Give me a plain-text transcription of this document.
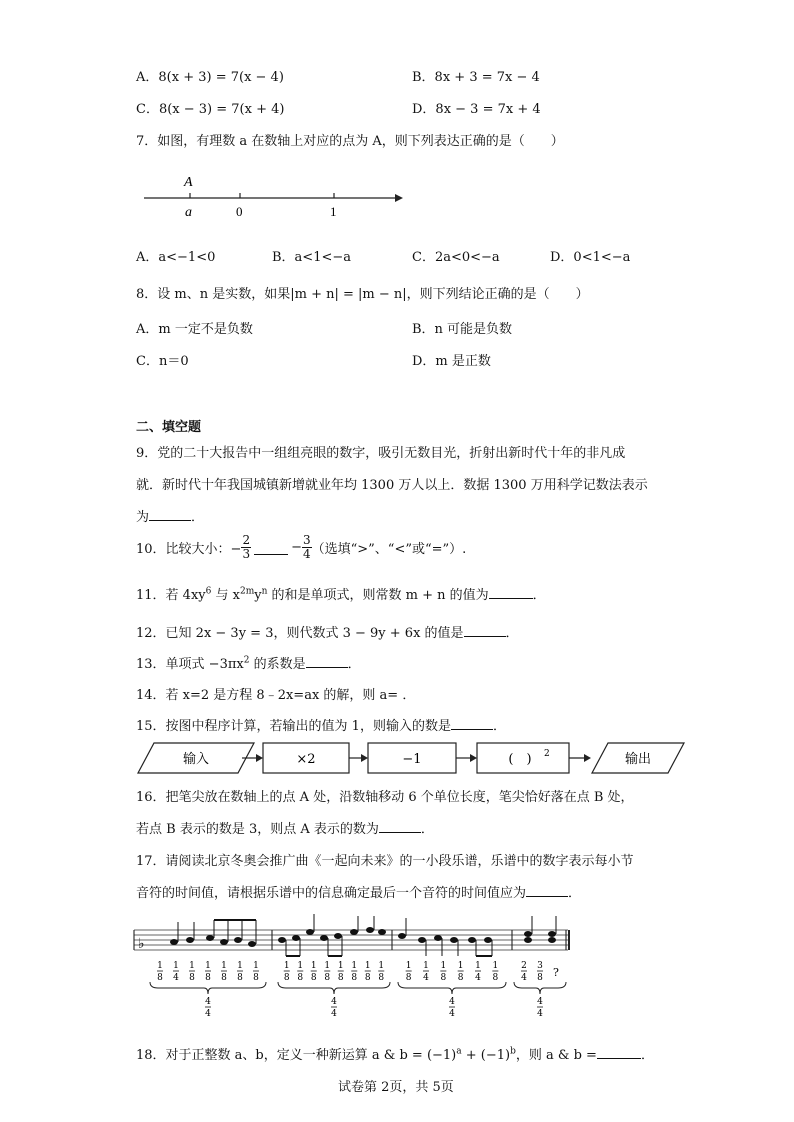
A．8(x + 3) = 7(x − 4)	B．8x + 3 = 7x − 4
C．8(x − 3) = 7(x + 4)	D．8x − 3 = 7x + 4
7．如图，有理数 a 在数轴上对应的点为 A，则下列表达正确的是（　　）
A
a	0	1
A．a<−1<0	B．a<1<−a	C．2a<0<−a	D．0<1<−a
8．设 m、n 是实数，如果|m + n| = |m − n|，则下列结论正确的是（　　）
A．m 一定不是负数	B．n 可能是负数
C．n＝0	D．m 是正数
二、填空题
9．党的二十大报告中一组组亮眼的数字，吸引无数目光，折射出新时代十年的非凡成
就．新时代十年我国城镇新增就业年均 1300 万人以上．数据 1300 万用科学记数法表示
为	．
10．比较大小：− $\frac{2}{3}$	− $\frac{3}{4}$ （选填“>”、“<”或“=”）.
11．若 $4xy^6$ 与 $x^{2m}y^n$ 的和是单项式，则常数 m + n 的值为	．
12．已知 2x − 3y = 3，则代数式 3 − 9y + 6x 的值是	．
13．单项式 $-3\pi x^2$ 的系数是	．
14．若 x=2 是方程 8﹣2x=ax 的解，则 a= ．
15．按图中程序计算，若输出的值为 1，则输入的数是	．
输入	×2	−1	(　) 2	输出
16．把笔尖放在数轴上的点 A 处，沿数轴移动 6 个单位长度，笔尖恰好落在点 B 处，
若点 B 表示的数是 3，则点 A 表示的数为	．
17．请阅读北京冬奥会推广曲《一起向未来》的一小段乐谱，乐谱中的数字表示每小节
音符的时间值，请根据乐谱中的信息确定最后一个音符的时间值应为	．
♭
1
8
1
4
1
8
1
8
1
8
1
8
1
8
4
4
1
8
1
8
1
8
1
8
1
8
1
8
1
8
1
8
4
4
1
8
1
4
1
8
1
8
1
4
1
8
4
4
2
4
3
8 ?
4
4
18．对于正整数 a、b，定义一种新运算 a & $b = (-1)^a + (-1)^b$，则 a & b =	．
试卷第 2页，共 5页
